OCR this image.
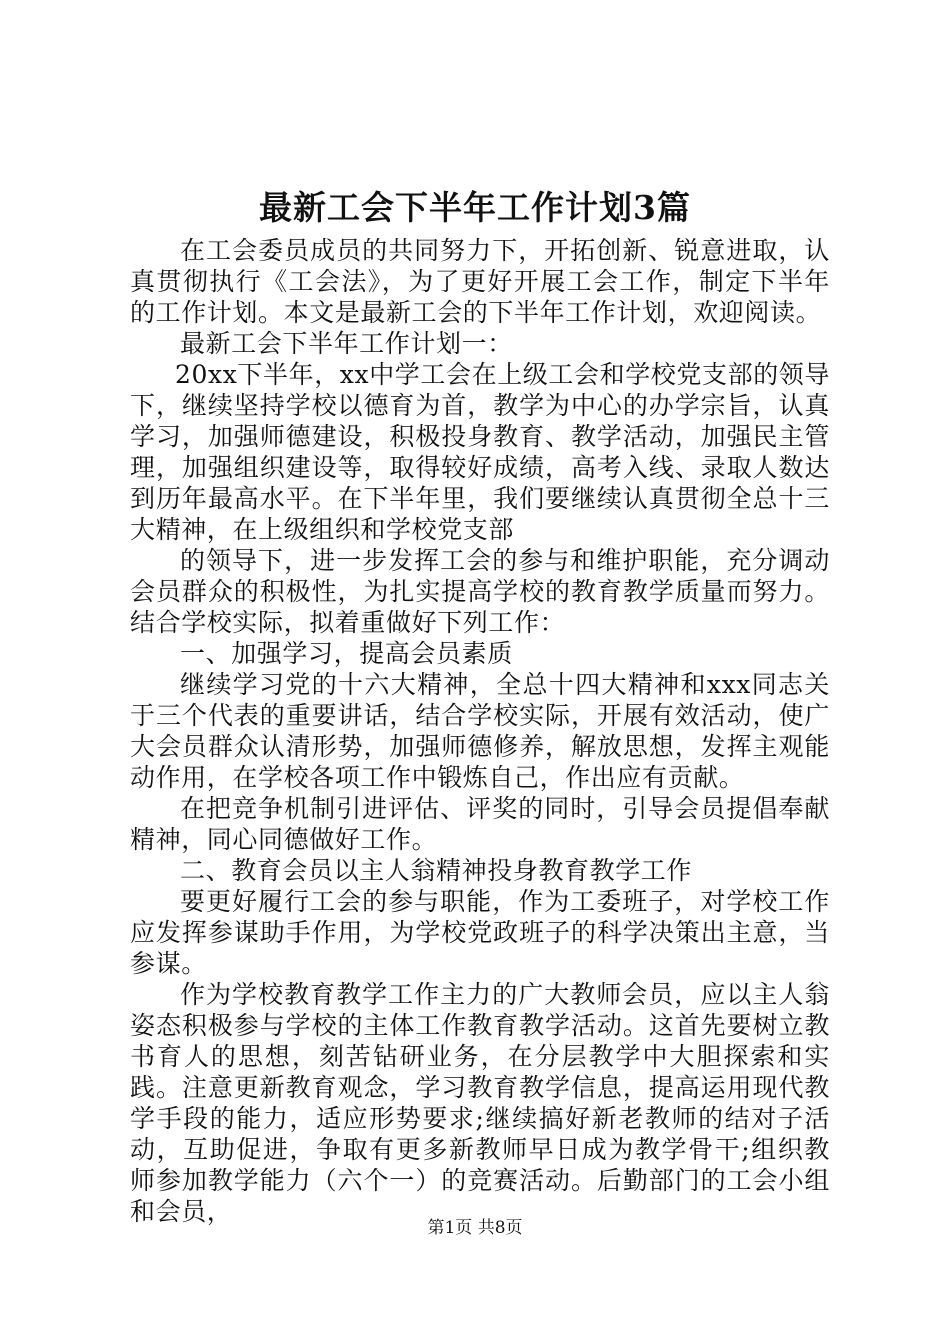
最新工会下半年工作计划3篇

在工会委员成员的共同努力下，开拓创新、锐意进取，认真贯彻执行《工会法》，为了更好开展工会工作，制定下半年的工作计划。本文是最新工会的下半年工作计划，欢迎阅读。

最新工会下半年工作计划一：

20xx下半年，xx中学工会在上级工会和学校党支部的领导下，继续坚持学校以德育为首，教学为中心的办学宗旨，认真学习，加强师德建设，积极投身教育、教学活动，加强民主管理，加强组织建设等，取得较好成绩，高考入线、录取人数达到历年最高水平。在下半年里，我们要继续认真贯彻全总十三大精神，在上级组织和学校党支部

的领导下，进一步发挥工会的参与和维护职能，充分调动会员群众的积极性，为扎实提高学校的教育教学质量而努力。结合学校实际，拟着重做好下列工作：

一、加强学习，提高会员素质

继续学习党的十六大精神，全总十四大精神和xxx同志关于三个代表的重要讲话，结合学校实际，开展有效活动，使广大会员群众认清形势，加强师德修养，解放思想，发挥主观能动作用，在学校各项工作中锻炼自己，作出应有贡献。

在把竞争机制引进评估、评奖的同时，引导会员提倡奉献精神，同心同德做好工作。

二、教育会员以主人翁精神投身教育教学工作

要更好履行工会的参与职能，作为工委班子，对学校工作应发挥参谋助手作用，为学校党政班子的科学决策出主意，当参谋。

作为学校教育教学工作主力的广大教师会员，应以主人翁姿态积极参与学校的主体工作教育教学活动。这首先要树立教书育人的思想，刻苦钻研业务，在分层教学中大胆探索和实践。注意更新教育观念，学习教育教学信息，提高运用现代教学手段的能力，适应形势要求;继续搞好新老教师的结对子活动，互助促进，争取有更多新教师早日成为教学骨干;组织教师参加教学能力（六个一）的竞赛活动。后勤部门的工会小组和会员，

第1页 共8页
